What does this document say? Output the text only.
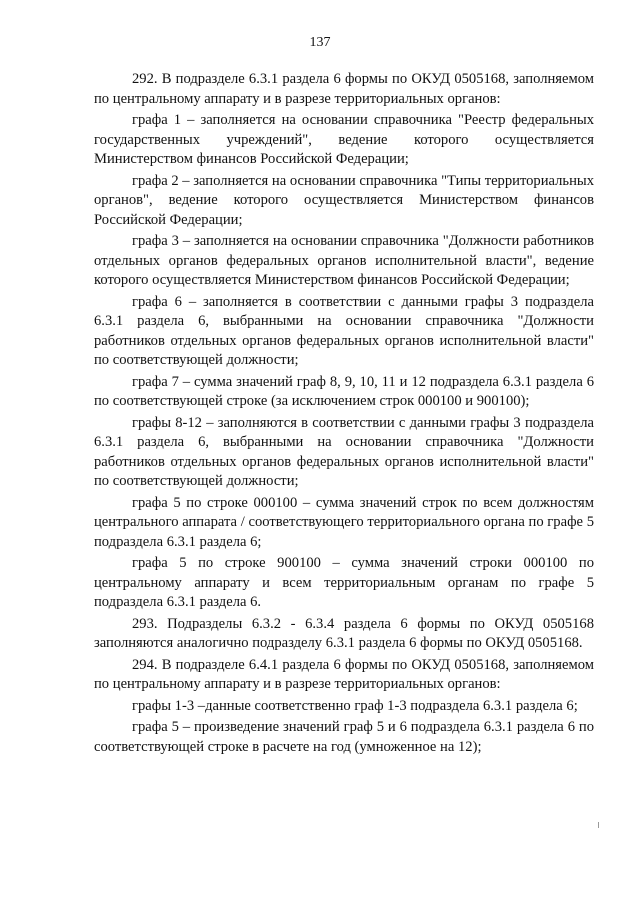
137

292. В подразделе 6.3.1 раздела 6 формы по ОКУД 0505168, заполняемом по центральному аппарату и в разрезе территориальных органов:

графа 1 – заполняется на основании справочника "Реестр федеральных государственных учреждений", ведение которого осуществляется Министерством финансов Российской Федерации;

графа 2 – заполняется на основании справочника "Типы территориальных органов", ведение которого осуществляется Министерством финансов Российской Федерации;

графа 3 – заполняется на основании справочника "Должности работников отдельных органов федеральных органов исполнительной власти", ведение которого осуществляется Министерством финансов Российской Федерации;

графа 6 – заполняется в соответствии с данными графы 3 подраздела 6.3.1 раздела 6, выбранными на основании справочника "Должности работников отдельных органов федеральных органов исполнительной власти" по соответствующей должности;

графа 7 – сумма значений граф 8, 9, 10, 11 и 12 подраздела 6.3.1 раздела 6 по соответствующей строке (за исключением строк 000100 и 900100);

графы 8-12 – заполняются в соответствии с данными графы 3 подраздела 6.3.1 раздела 6, выбранными на основании справочника "Должности работников отдельных органов федеральных органов исполнительной власти" по соответствующей должности;

графа 5 по строке 000100 – сумма значений строк по всем должностям центрального аппарата / соответствующего территориального органа по графе 5 подраздела 6.3.1 раздела 6;

графа 5 по строке 900100 – сумма значений строки 000100 по центральному аппарату и всем территориальным органам по графе 5 подраздела 6.3.1 раздела 6.

293. Подразделы 6.3.2 - 6.3.4 раздела 6 формы по ОКУД 0505168 заполняются аналогично подразделу 6.3.1 раздела 6 формы по ОКУД 0505168.

294. В подразделе 6.4.1 раздела 6 формы по ОКУД 0505168, заполняемом по центральному аппарату и в разрезе территориальных органов:

графы 1-3 –данные соответственно граф 1-3 подраздела 6.3.1 раздела 6;

графа 5 – произведение значений граф 5 и 6 подраздела 6.3.1 раздела 6 по соответствующей строке в расчете на год (умноженное на 12);
